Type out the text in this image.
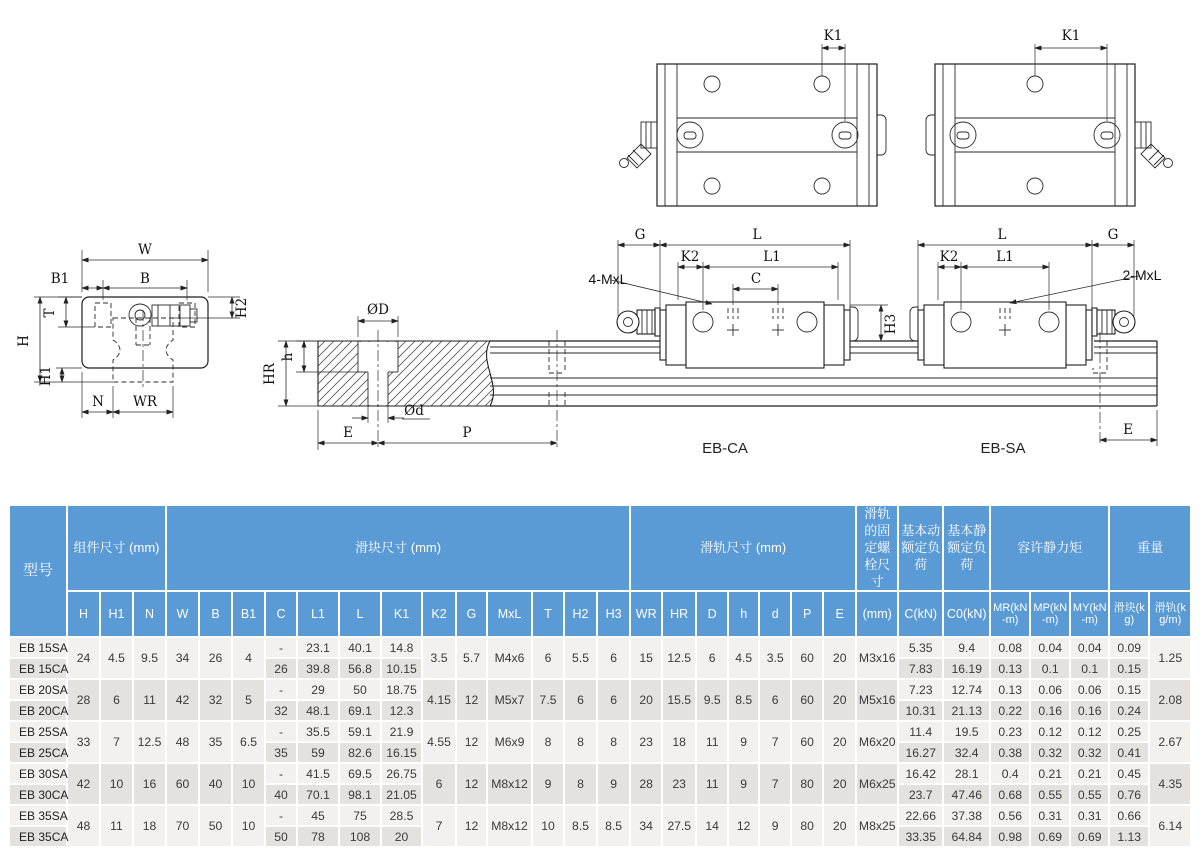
K1	K1
W
B
B1
T	H2
H
H1
N WR
ØD
h
HR
Ød
E	P
G	L
K2	L1
C
4-MxL
H3
EB-CA
L	G
K2	L1
2-MxL
E
EB-SA
型号	组件尺寸 (mm)			滑块尺寸 (mm)													滑轨尺寸 (mm)							滑轨的固定螺栓尺寸	基本动额定负荷	基本静额定负荷	容许静力矩			重量	
	H	H1	N	W	B	B1	C	L1	L	K1	K2	G	MxL	T	H2	H3	WR	HR	D	h	d	P	E	(mm)	C(kN)	C0(kN)	MR(kN-m)	MP(kN-m)	MY(kN-m)	滑块(kg)	滑轨(kg/m)
EB 15SA	24	4.5	9.5	34	26	4	-	23.1	40.1	14.8	3.5	5.7	M4x6	6	5.5	6	15	12.5	6	4.5	3.5	60	20	M3x16	5.35	9.4	0.08	0.04	0.04	0.09	1.25
EB 15CA							26	39.8	56.8	10.15															7.83	16.19	0.13	0.1	0.1	0.15	
EB 20SA	28	6	11	42	32	5	-	29	50	18.75	4.15	12	M5x7	7.5	6	6	20	15.5	9.5	8.5	6	60	20	M5x16	7.23	12.74	0.13	0.06	0.06	0.15	2.08
EB 20CA							32	48.1	69.1	12.3															10.31	21.13	0.22	0.16	0.16	0.24	
EB 25SA	33	7	12.5	48	35	6.5	-	35.5	59.1	21.9	4.55	12	M6x9	8	8	8	23	18	11	9	7	60	20	M6x20	11.4	19.5	0.23	0.12	0.12	0.25	2.67
EB 25CA							35	59	82.6	16.15															16.27	32.4	0.38	0.32	0.32	0.41	
EB 30SA	42	10	16	60	40	10	-	41.5	69.5	26.75	6	12	M8x12	9	8	9	28	23	11	9	7	80	20	M6x25	16.42	28.1	0.4	0.21	0.21	0.45	4.35
EB 30CA							40	70.1	98.1	21.05															23.7	47.46	0.68	0.55	0.55	0.76	
EB 35SA	48	11	18	70	50	10	-	45	75	28.5	7	12	M8x12	10	8.5	8.5	34	27.5	14	12	9	80	20	M8x25	22.66	37.38	0.56	0.31	0.31	0.66	6.14
EB 35CA							50	78	108	20															33.35	64.84	0.98	0.69	0.69	1.13	
